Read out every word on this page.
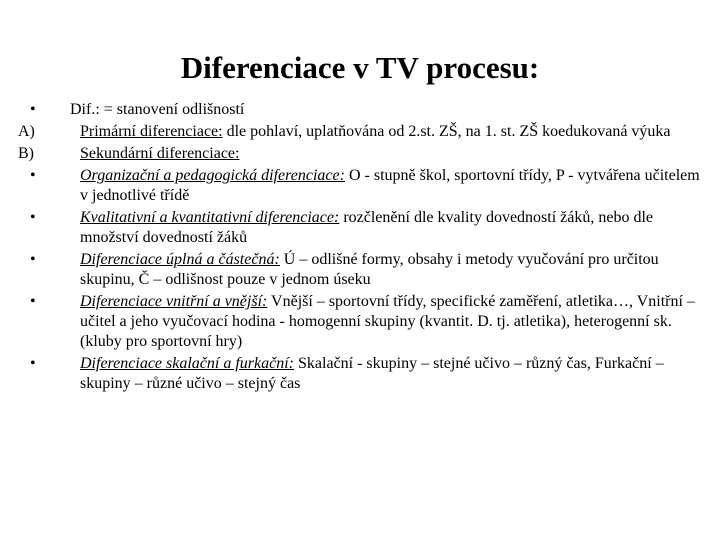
Diferenciace v TV procesu:
• Dif.: = stanovení odlišností
A)	Primární diferenciace: dle pohlaví, uplatňována od 2.st. ZŠ, na 1. st. ZŠ koedukovaná výuka
B)	Sekundární diferenciace:
•	Organizační a pedagogická diferenciace: O - stupně škol, sportovní třídy, P - vytvářena učitelem v jednotlivé třídě
•	Kvalitativní a kvantitativní diferenciace: rozčlenění dle kvality dovedností žáků, nebo dle množství dovedností žáků
•	Diferenciace úplná a částečná: Ú – odlišné formy, obsahy i metody vyučování pro určitou skupinu, Č – odlišnost pouze v jednom úseku
•	Diferenciace vnitřní a vnější: Vnější – sportovní třídy, specifické zaměření, atletika…, Vnitřní – učitel a jeho vyučovací hodina - homogenní skupiny (kvantit. D. tj. atletika), heterogenní sk. (kluby pro sportovní hry)
•	Diferenciace skalační a furkační: Skalační - skupiny – stejné učivo – různý čas, Furkační – skupiny – různé učivo – stejný čas
